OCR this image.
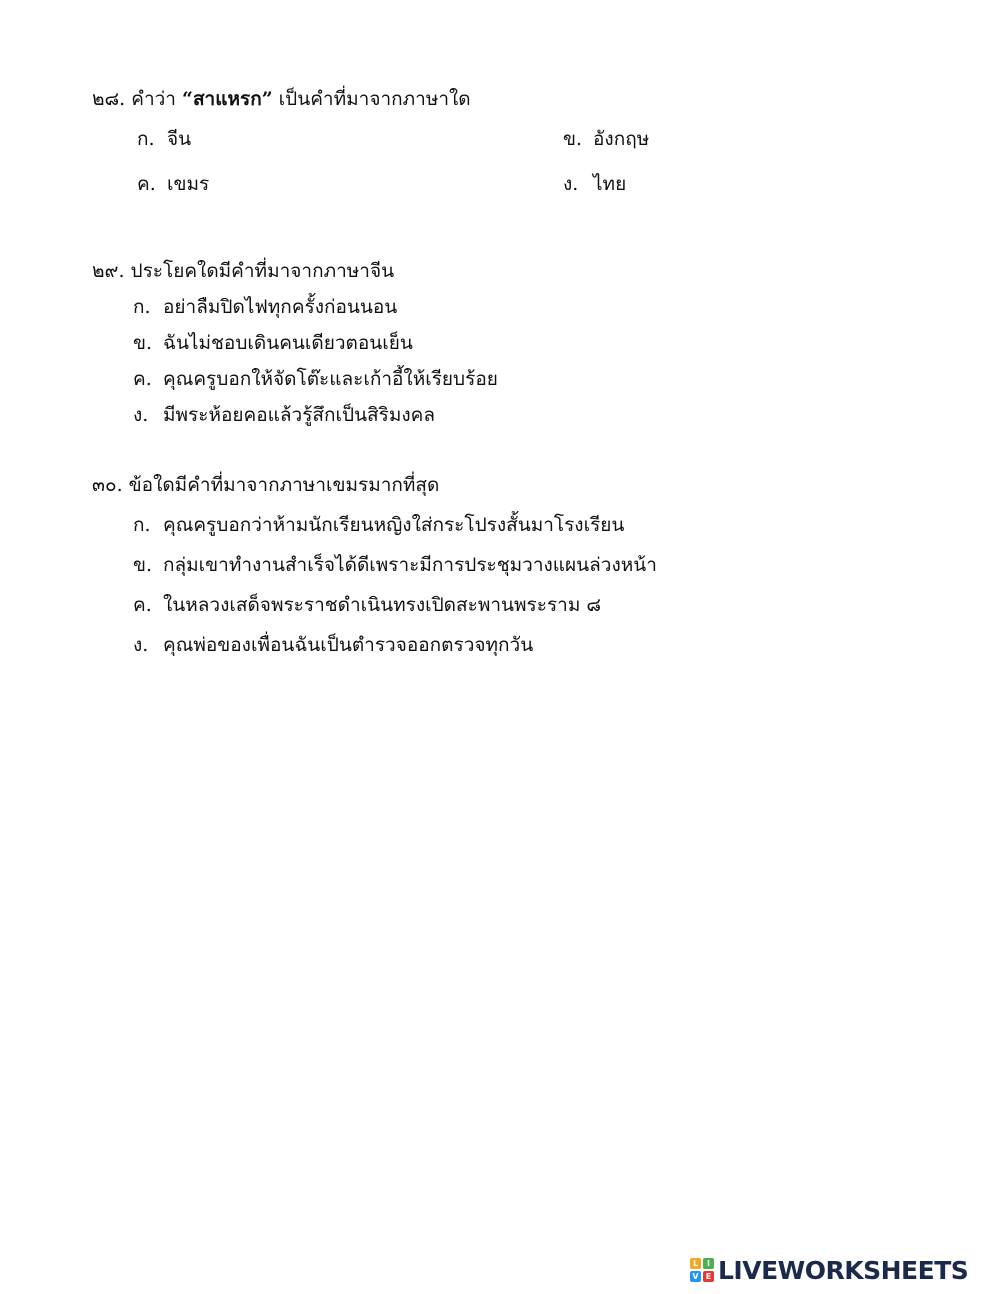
๒๘. คำว่า “สาแหรก” เป็นคำที่มาจากภาษาใด
ก. จีน	ข. อังกฤษ
ค. เขมร	ง. ไทย
๒๙. ประโยคใดมีคำที่มาจากภาษาจีน
ก. อย่าลืมปิดไฟทุกครั้งก่อนนอน
ข. ฉันไม่ชอบเดินคนเดียวตอนเย็น
ค. คุณครูบอกให้จัดโต๊ะและเก้าอี้ให้เรียบร้อย
ง. มีพระห้อยคอแล้วรู้สึกเป็นสิริมงคล
๓๐. ข้อใดมีคำที่มาจากภาษาเขมรมากที่สุด
ก. คุณครูบอกว่าห้ามนักเรียนหญิงใส่กระโปรงสั้นมาโรงเรียน
ข. กลุ่มเขาทำงานสำเร็จได้ดีเพราะมีการประชุมวางแผนล่วงหน้า
ค. ในหลวงเสด็จพระราชดำเนินทรงเปิดสะพานพระราม ๘
ง. คุณพ่อของเพื่อนฉันเป็นตำรวจออกตรวจทุกวัน
L	I
V E LIVEWORKSHEETS
